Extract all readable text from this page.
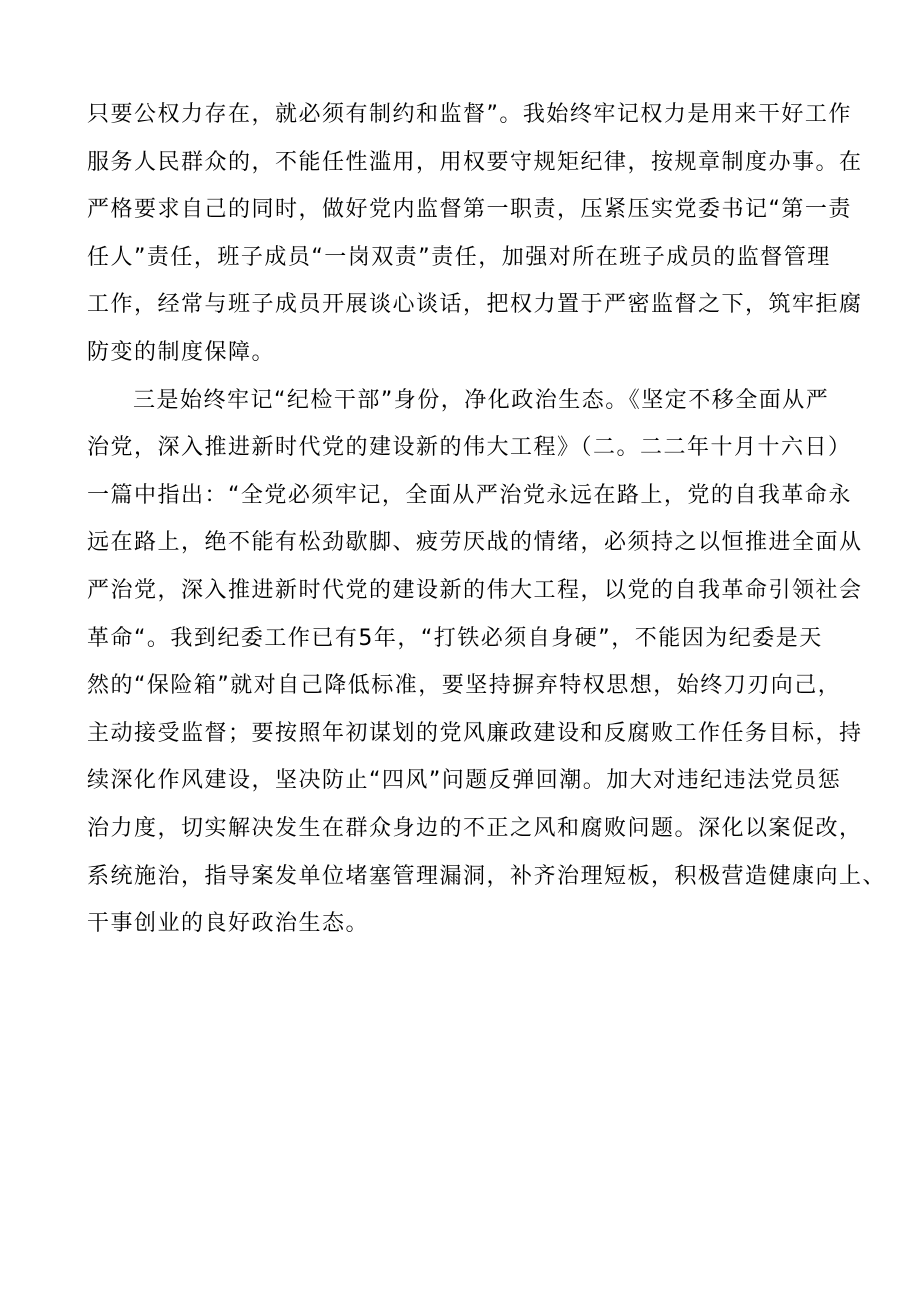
只要公权力存在，就必须有制约和监督”。我始终牢记权力是用来干好工作
服务人民群众的，不能任性滥用，用权要守规矩纪律，按规章制度办事。在
严格要求自己的同时，做好党内监督第一职责，压紧压实党委书记“第一责
任人”责任，班子成员“一岗双责”责任，加强对所在班子成员的监督管理
工作，经常与班子成员开展谈心谈话，把权力置于严密监督之下，筑牢拒腐
防变的制度保障。
三是始终牢记“纪检干部”身份，净化政治生态。《坚定不移全面从严
治党，深入推进新时代党的建设新的伟大工程》（二。二二年十月十六日）
一篇中指出：“全党必须牢记，全面从严治党永远在路上，党的自我革命永
远在路上，绝不能有松劲歇脚、疲劳厌战的情绪，必须持之以恒推进全面从
严治党，深入推进新时代党的建设新的伟大工程，以党的自我革命引领社会
革命“。我到纪委工作已有5年，“打铁必须自身硬”，不能因为纪委是天
然的“保险箱”就对自己降低标准，要坚持摒弃特权思想，始终刀刃向己，
主动接受监督；要按照年初谋划的党风廉政建设和反腐败工作任务目标，持
续深化作风建设，坚决防止“四风”问题反弹回潮。加大对违纪违法党员惩
治力度，切实解决发生在群众身边的不正之风和腐败问题。深化以案促改，
系统施治，指导案发单位堵塞管理漏洞，补齐治理短板，积极营造健康向上、
干事创业的良好政治生态。
